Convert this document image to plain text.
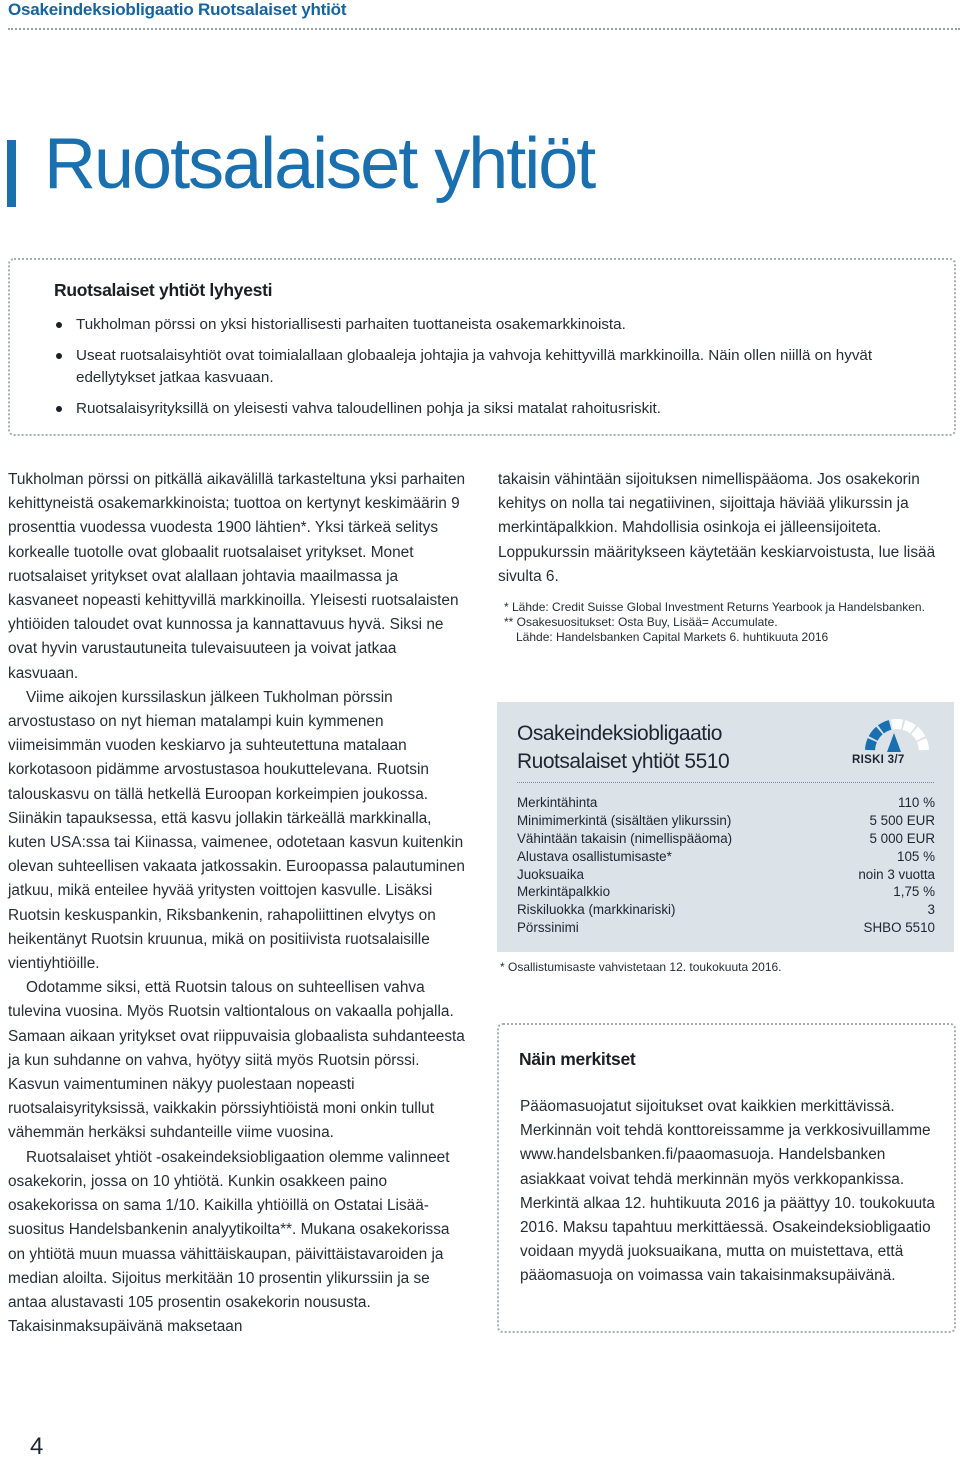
Osakeindeksiobligaatio Ruotsalaiset yhtiöt
Ruotsalaiset yhtiöt
Ruotsalaiset yhtiöt lyhyesti
Tukholman pörssi on yksi historiallisesti parhaiten tuottaneista osakemarkkinoista.
Useat ruotsalaisyhtiöt ovat toimialallaan globaaleja johtajia ja vahvoja kehittyvillä markkinoilla. Näin ollen niillä on hyvät edellytykset jatkaa kasvuaan.
Ruotsalaisyrityksillä on yleisesti vahva taloudellinen pohja ja siksi matalat rahoitusriskit.

Tukholman pörssi on pitkällä aikavälillä tarkasteltuna yksi parhaiten kehittyneistä osakemarkkinoista; tuottoa on kertynyt keskimäärin 9 prosenttia vuodessa vuodesta 1900 lähtien*. Yksi tärkeä selitys korkealle tuotolle ovat globaalit ruotsalaiset yritykset. Monet ruotsalaiset yritykset ovat alallaan johtavia maailmassa ja kasvaneet nopeasti kehittyvillä markkinoilla. Yleisesti ruotsalaisten yhtiöiden taloudet ovat kunnossa ja kannattavuus hyvä. Siksi ne ovat hyvin varustautuneita tulevaisuuteen ja voivat jatkaa kasvuaan.

Viime aikojen kurssilaskun jälkeen Tukholman pörssin arvostustaso on nyt hieman matalampi kuin kymmenen viimeisimmän vuoden keskiarvo ja suhteutettuna matalaan korkotasoon pidämme arvostustasoa houkuttelevana. Ruotsin talouskasvu on tällä hetkellä Euroopan korkeimpien joukossa. Siinäkin tapauksessa, että kasvu jollakin tärkeällä markkinalla, kuten USA:ssa tai Kiinassa, vaimenee, odotetaan kasvun kuitenkin olevan suhteellisen vakaata jatkossakin. Euroopassa palautuminen jatkuu, mikä enteilee hyvää yritysten voittojen kasvulle. Lisäksi Ruotsin keskuspankin, Riksbankenin, rahapoliittinen elvytys on heikentänyt Ruotsin kruunua, mikä on positiivista ruotsalaisille vientiyhtiöille.

Odotamme siksi, että Ruotsin talous on suhteellisen vahva tulevina vuosina. Myös Ruotsin valtiontalous on vakaalla pohjalla. Samaan aikaan yritykset ovat riippuvaisia globaalista suhdanteesta ja kun suhdanne on vahva, hyötyy siitä myös Ruotsin pörssi. Kasvun vaimentuminen näkyy puolestaan nopeasti ruotsalaisyrityksissä, vaikkakin pörssiyhtiöistä moni onkin tullut vähemmän herkäksi suhdanteille viime vuosina.

Ruotsalaiset yhtiöt -osakeindeksiobligaation olemme valinneet osakekorin, jossa on 10 yhtiötä. Kunkin osakkeen paino osakekorissa on sama 1/10. Kaikilla yhtiöillä on Ostatai Lisää-suositus Handelsbankenin analyytikoilta**. Mukana osakekorissa on yhtiötä muun muassa vähittäiskaupan, päivittäistavaroiden ja median aloilta. Sijoitus merkitään 10 prosentin ylikurssiin ja se antaa alustavasti 105 prosentin osakekorin noususta. Takaisinmaksupäivänä maksetaan

takaisin vähintään sijoituksen nimellispääoma. Jos osakekorin kehitys on nolla tai negatiivinen, sijoittaja häviää ylikurssin ja merkintäpalkkion. Mahdollisia osinkoja ei jälleensijoiteta. Loppukurssin määritykseen käytetään keskiarvoistusta, lue lisää sivulta 6.

* Lähde: Credit Suisse Global Investment Returns Yearbook ja Handelsbanken.
** Osakesuositukset: Osta Buy, Lisää= Accumulate.
Lähde: Handelsbanken Capital Markets 6. huhtikuuta 2016
Osakeindeksiobligaatio
Ruotsalaiset yhtiöt 5510	RISKI 3/7
Merkintähinta	110 %
Minimimerkintä (sisältäen ylikurssin)	5 500 EUR
Vähintään takaisin (nimellispääoma)	5 000 EUR
Alustava osallistumisaste*	105 %
Juoksuaika	noin 3 vuotta
Merkintäpalkkio	1,75 %
Riskiluokka (markkinariski)	3
Pörssinimi	SHBO 5510
* Osallistumisaste vahvistetaan 12. toukokuuta 2016.
Näin merkitset
Pääomasuojatut sijoitukset ovat kaikkien merkittävissä. Merkinnän voit tehdä konttoreissamme ja verkkosivuillamme www.handelsbanken.fi/paaomasuoja. Handelsbanken asiakkaat voivat tehdä merkinnän myös verkkopankissa. Merkintä alkaa 12. huhtikuuta 2016 ja päättyy 10. toukokuuta 2016. Maksu tapahtuu merkittäessä. Osakeindeksiobligaatio voidaan myydä juoksuaikana, mutta on muistettava, että pääomasuoja on voimassa vain takaisinmaksupäivänä.
4
